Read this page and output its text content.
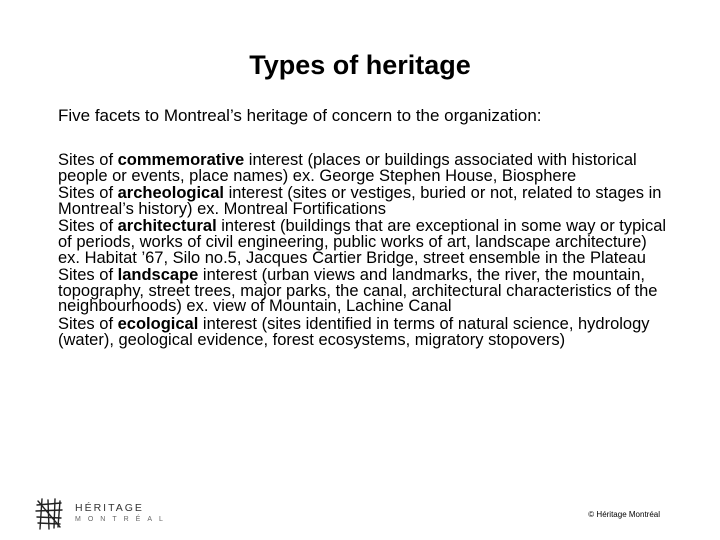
Types of heritage

Five facets to Montreal’s heritage of concern to the organization:

Sites of commemorative interest (places or buildings associated with historical people or events, place names) ex. George Stephen House, Biosphere
Sites of archeological interest (sites or vestiges, buried or not, related to stages in Montreal’s history) ex. Montreal Fortifications
Sites of architectural interest (buildings that are exceptional in some way or typical of periods, works of civil engineering, public works of art, landscape architecture) ex. Habitat ’67, Silo no.5, Jacques Cartier Bridge, street ensemble in the Plateau
Sites of landscape interest (urban views and landmarks, the river, the mountain, topography, street trees, major parks, the canal, architectural characteristics of the neighbourhoods) ex. view of Mountain, Lachine Canal
Sites of ecological interest (sites identified in terms of natural science, hydrology (water), geological evidence, forest ecosystems, migratory stopovers)
HÉRITAGE
MONTRÉAL
© Héritage Montréal
